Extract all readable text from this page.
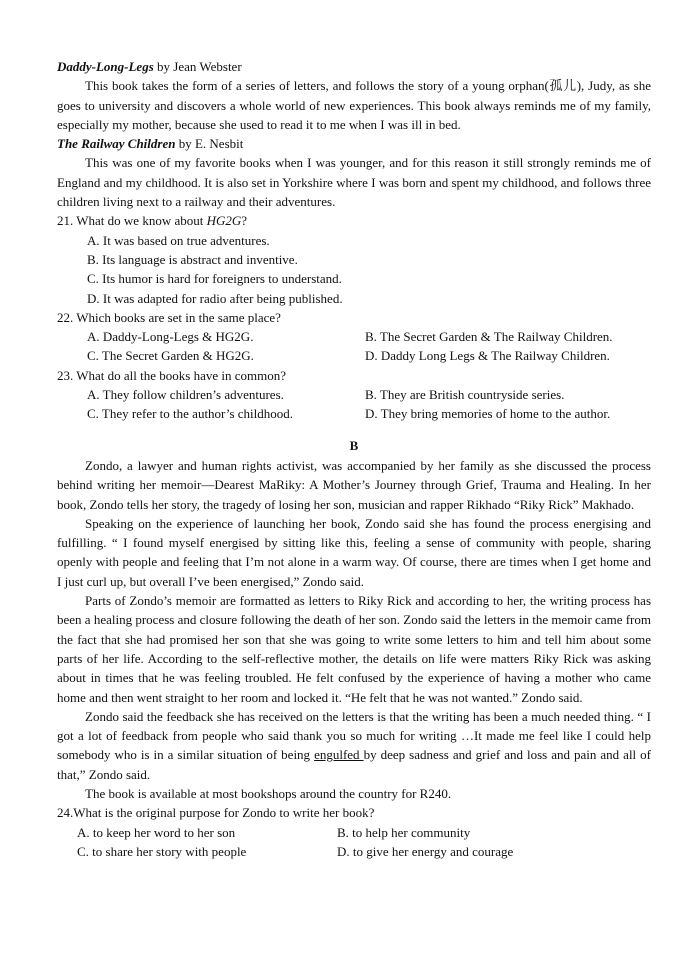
Daddy-Long-Legs by Jean Webster

This book takes the form of a series of letters, and follows the story of a young orphan(孤儿), Judy, as she goes to university and discovers a whole world of new experiences. This book always reminds me of my family, especially my mother, because she used to read it to me when I was ill in bed.

The Railway Children by E. Nesbit

This was one of my favorite books when I was younger, and for this reason it still strongly reminds me of England and my childhood. It is also set in Yorkshire where I was born and spent my childhood, and follows three children living next to a railway and their adventures.

21. What do we know about HG2G?

A. It was based on true adventures.
B. Its language is abstract and inventive.
C. Its humor is hard for foreigners to understand.
D. It was adapted for radio after being published.

22. Which books are set in the same place?

A. Daddy-Long-Legs & HG2G.	B. The Secret Garden & The Railway Children.
C. The Secret Garden & HG2G.	D. Daddy Long Legs & The Railway Children.

23. What do all the books have in common?

A. They follow children’s adventures.	B. They are British countryside series.
C. They refer to the author’s childhood.	D. They bring memories of home to the author.

B

Zondo, a lawyer and human rights activist, was accompanied by her family as she discussed the process behind writing her memoir—Dearest MaRiky: A Mother’s Journey through Grief, Trauma and Healing. In her book, Zondo tells her story, the tragedy of losing her son, musician and rapper Rikhado “Riky Rick” Makhado.

Speaking on the experience of launching her book, Zondo said she has found the process energising and fulfilling. “ I found myself energised by sitting like this, feeling a sense of community with people, sharing openly with people and feeling that I’m not alone in a warm way. Of course, there are times when I get home and I just curl up, but overall I’ve been energised,” Zondo said.

Parts of Zondo’s memoir are formatted as letters to Riky Rick and according to her, the writing process has been a healing process and closure following the death of her son. Zondo said the letters in the memoir came from the fact that she had promised her son that she was going to write some letters to him and tell him about some parts of her life. According to the self-reflective mother, the details on life were matters Riky Rick was asking about in times that he was feeling troubled. He felt confused by the experience of having a mother who came home and then went straight to her room and locked it. “He felt that he was not wanted.” Zondo said.

Zondo said the feedback she has received on the letters is that the writing has been a much needed thing. “ I got a lot of feedback from people who said thank you so much for writing …It made me feel like I could help somebody who is in a similar situation of being engulfed by deep sadness and grief and loss and pain and all of that,” Zondo said.

The book is available at most bookshops around the country for R240.

24.What is the original purpose for Zondo to write her book?

A. to keep her word to her son	B. to help her community
C. to share her story with people	D. to give her energy and courage
